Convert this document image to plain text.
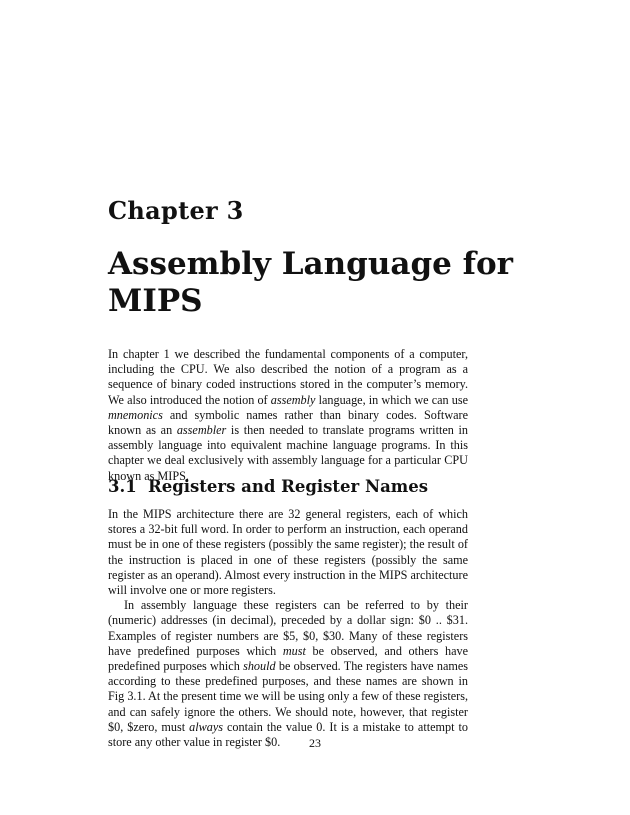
Chapter 3
Assembly Language for
MIPS

In chapter 1 we described the fundamental components of a computer, including the CPU. We also described the notion of a program as a sequence of binary coded instructions stored in the computer’s memory. We also introduced the notion of assembly language, in which we can use mnemonics and symbolic names rather than binary codes. Software known as an assembler is then needed to translate programs written in assembly language into equivalent machine language programs. In this chapter we deal exclusively with assembly language for a particular CPU known as MIPS.

3.1 Registers and Register Names

In the MIPS architecture there are 32 general registers, each of which stores a 32-bit full word. In order to perform an instruction, each operand must be in one of these registers (possibly the same register); the result of the instruction is placed in one of these registers (possibly the same register as an operand). Almost every instruction in the MIPS architecture will involve one or more registers.

In assembly language these registers can be referred to by their (numeric) addresses (in decimal), preceded by a dollar sign: $0 .. $31. Examples of register numbers are $5, $0, $30. Many of these registers have predefined purposes which must be observed, and others have predefined purposes which should be observed. The registers have names according to these predefined purposes, and these names are shown in Fig 3.1. At the present time we will be using only a few of these registers, and can safely ignore the others. We should note, however, that register $0, $zero, must always contain the value 0. It is a mistake to attempt to store any other value in register $0.	23
